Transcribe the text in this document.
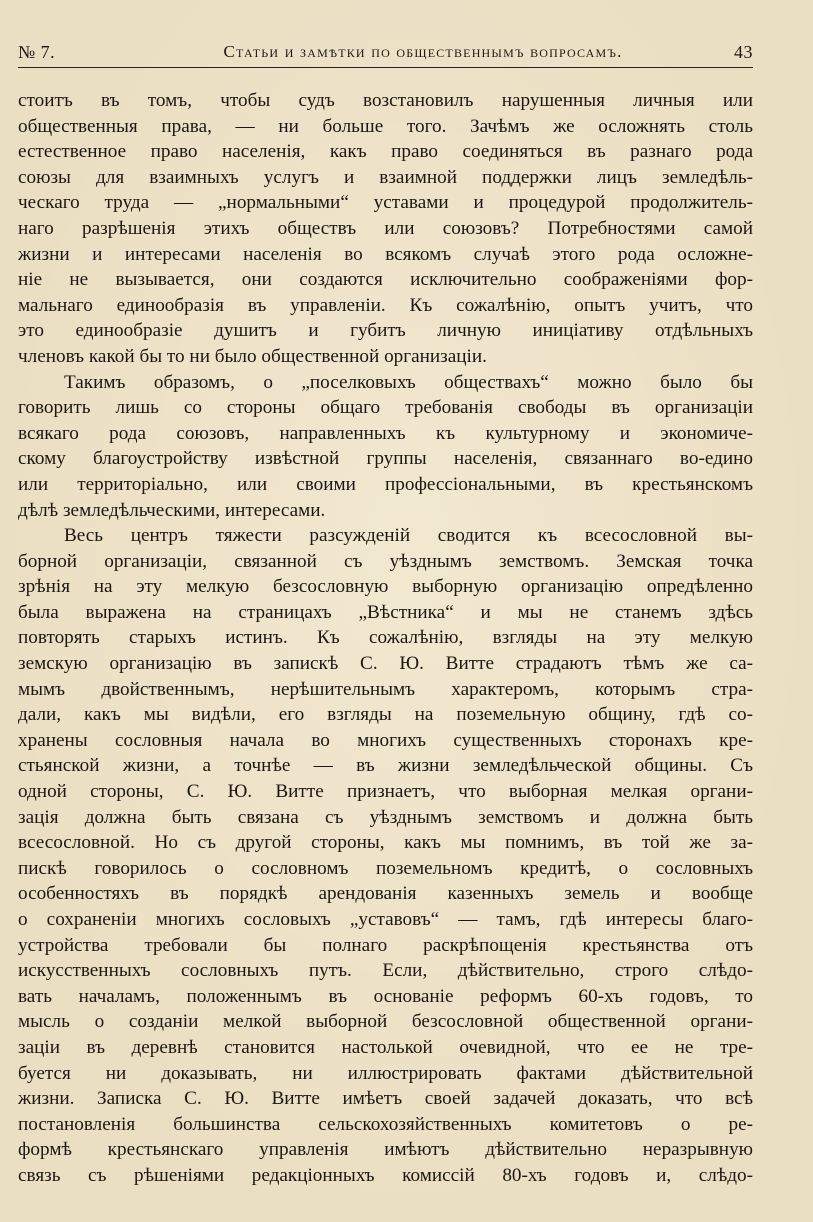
№ 7.	Статьи и замѣтки по общественнымъ вопросамъ.	43
стоитъ въ томъ, чтобы судъ возстановилъ нарушенныя личныя или
общественныя права, — ни больше того. Зачѣмъ же осложнять столь
естественное право населенія, какъ право соединяться въ разнаго рода
союзы для взаимныхъ услугъ и взаимной поддержки лицъ земледѣль-
ческаго труда — „нормальными“ уставами и процедурой продолжитель-
наго разрѣшенія этихъ обществъ или союзовъ? Потребностями самой
жизни и интересами населенія во всякомъ случаѣ этого рода осложне-
ніе не вызывается, они создаются исключительно соображеніями фор-
мальнаго единообразія въ управленіи. Къ сожалѣнію, опытъ учитъ, что
это единообразіе душитъ и губитъ личную иниціативу отдѣльныхъ
членовъ какой бы то ни было общественной организаціи.
Такимъ образомъ, о „поселковыхъ обществахъ“ можно было бы
говорить лишь со стороны общаго требованія свободы въ организаціи
всякаго рода союзовъ, направленныхъ къ культурному и экономиче-
скому благоустройству извѣстной группы населенія, связаннаго во-едино
или территоріально, или своими профессіональными, въ крестьянскомъ
дѣлѣ земледѣльческими, интересами.
Весь центръ тяжести разсужденій сводится къ всесословной вы-
борной организаціи, связанной съ уѣзднымъ земствомъ. Земская точка
зрѣнія на эту мелкую безсословную выборную организацію опредѣленно
была выражена на страницахъ „Вѣстника“ и мы не станемъ здѣсь
повторять старыхъ истинъ. Къ сожалѣнію, взгляды на эту мелкую
земскую организацію въ запискѣ С. Ю. Витте страдаютъ тѣмъ же са-
мымъ двойственнымъ, нерѣшительнымъ характеромъ, которымъ стра-
дали, какъ мы видѣли, его взгляды на поземельную общину, гдѣ со-
хранены сословныя начала во многихъ существенныхъ сторонахъ кре-
стьянской жизни, а точнѣе — въ жизни земледѣльческой общины. Съ
одной стороны, С. Ю. Витте признаетъ, что выборная мелкая органи-
зація должна быть связана съ уѣзднымъ земствомъ и должна быть
всесословной. Но съ другой стороны, какъ мы помнимъ, въ той же за-
пискѣ говорилось о сословномъ поземельномъ кредитѣ, о сословныхъ
особенностяхъ въ порядкѣ арендованія казенныхъ земель и вообще
о сохраненіи многихъ сословыхъ „уставовъ“ — тамъ, гдѣ интересы благо-
устройства требовали бы полнаго раскрѣпощенія крестьянства отъ
искусственныхъ сословныхъ путъ. Если, дѣйствительно, строго слѣдо-
вать началамъ, положеннымъ въ основаніе реформъ 60-хъ годовъ, то
мысль о созданіи мелкой выборной безсословной общественной органи-
заціи въ деревнѣ становится настолькой очевидной, что ее не тре-
буется ни доказывать, ни иллюстрировать фактами дѣйствительной
жизни. Записка С. Ю. Витте имѣетъ своей задачей доказать, что всѣ
постановленія большинства сельскохозяйственныхъ комитетовъ о ре-
формѣ крестьянскаго управленія имѣютъ дѣйствительно неразрывную
связь съ рѣшеніями редакціонныхъ комиссій 80-хъ годовъ и, слѣдо-
